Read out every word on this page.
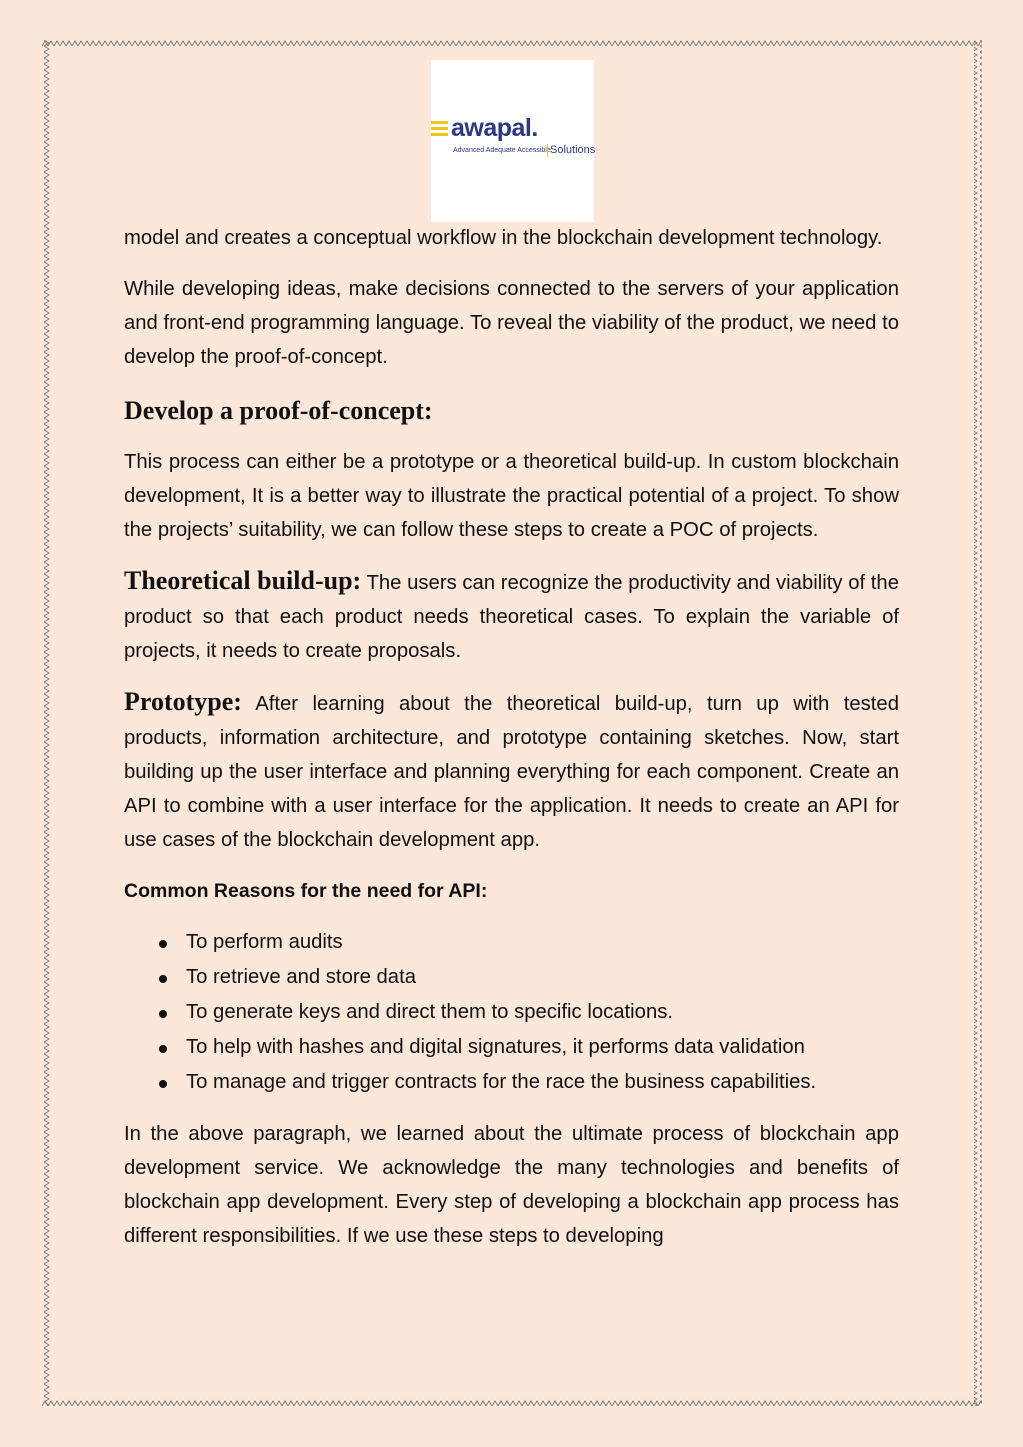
awapal.
Advanced Adequate Accessible Solutions

model and creates a conceptual workflow in the blockchain development technology.

While developing ideas, make decisions connected to the servers of your application and front-end programming language. To reveal the viability of the product, we need to develop the proof-of-concept.

Develop a proof-of-concept:

This process can either be a prototype or a theoretical build-up. In custom blockchain development, It is a better way to illustrate the practical potential of a project. To show the projects’ suitability, we can follow these steps to create a POC of projects.

Theoretical build-up: The users can recognize the productivity and viability of the product so that each product needs theoretical cases. To explain the variable of projects, it needs to create proposals.

Prototype: After learning about the theoretical build-up, turn up with tested products, information architecture, and prototype containing sketches. Now, start building up the user interface and planning everything for each component. Create an API to combine with a user interface for the application. It needs to create an API for use cases of the blockchain development app.

Common Reasons for the need for API:
To perform audits
To retrieve and store data
To generate keys and direct them to specific locations.
To help with hashes and digital signatures, it performs data validation
To manage and trigger contracts for the race the business capabilities.

In the above paragraph, we learned about the ultimate process of blockchain app development service. We acknowledge the many technologies and benefits of blockchain app development. Every step of developing a blockchain app process has different responsibilities. If we use these steps to developing
